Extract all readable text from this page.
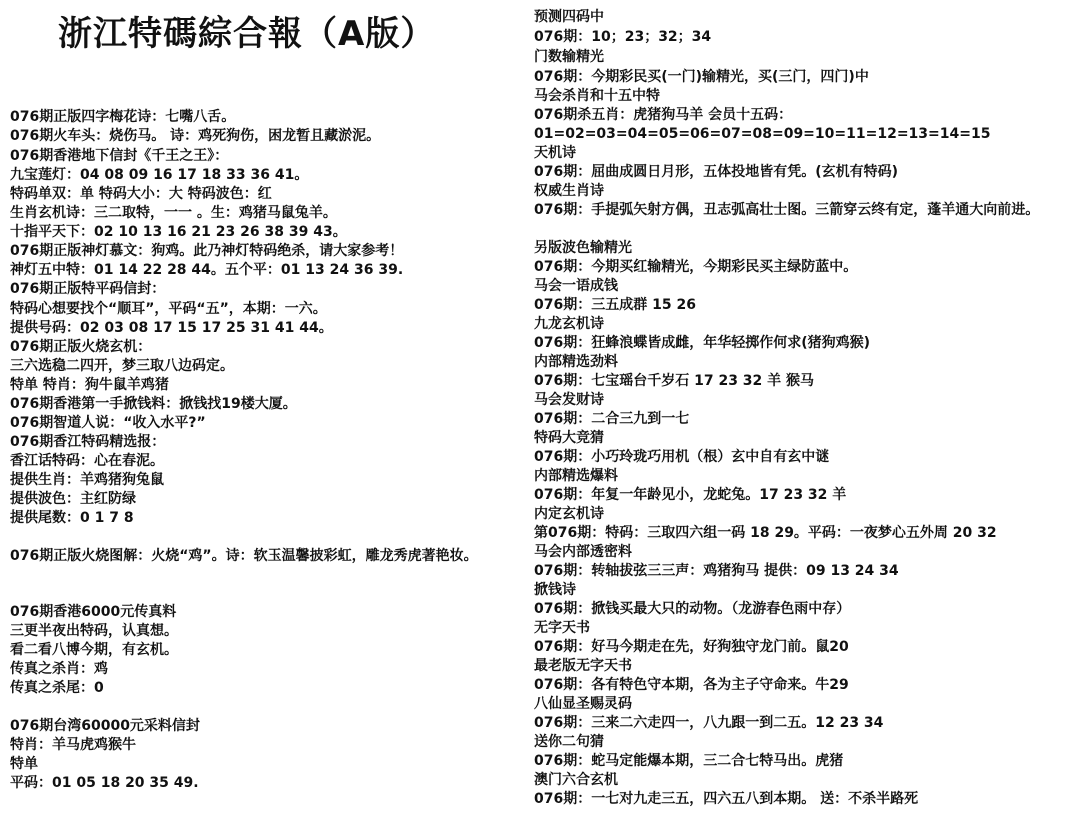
浙江特碼綜合報（A版）
076期正版四字梅花诗：七嘴八舌。
076期火车头：烧伤马。 诗：鸡死狗伤，困龙暂且藏淤泥。
076期香港地下信封《千王之王》：
九宝莲灯：04 08 09 16 17 18 33 36 41。
特码单双：单 特码大小：大 特码波色：红
生肖玄机诗：三二取特，一一 。生：鸡猪马鼠兔羊。
十指平天下：02 10 13 16 21 23 26 38 39 43。
076期正版神灯慕文：狗鸡。此乃神灯特码绝杀，请大家参考！
神灯五中特：01 14 22 28 44。五个平：01 13 24 36 39.
076期正版特平码信封：
特码心想要找个“顺耳”，平码“五”，本期：一六。
提供号码：02 03 08 17 15 17 25 31 41 44。
076期正版火烧玄机：
三六选稳二四开，梦三取八边码定。
特单 特肖：狗牛鼠羊鸡猪
076期香港第一手掀钱料：掀钱找19楼大厦。
076期智道人说：“收入水平?”
076期香江特码精选报：
香江话特码：心在春泥。
提供生肖：羊鸡猪狗兔鼠
提供波色：主红防绿
提供尾数：0 1 7 8
076期正版火烧图解：火烧“鸡”。诗：软玉温馨披彩虹，雕龙秀虎著艳妆。
076期香港6000元传真料
三更半夜出特码，认真想。
看二看八博今期，有玄机。
传真之杀肖：鸡
传真之杀尾：0
076期台湾60000元采料信封
特肖：羊马虎鸡猴牛
特单
平码：01 05 18 20 35 49.
预测四码中
076期：10；23；32；34
门数输精光
076期：今期彩民买(一门)输精光，买(三门，四门)中
马会杀肖和十五中特
076期杀五肖：虎猪狗马羊 会员十五码：
01=02=03=04=05=06=07=08=09=10=11=12=13=14=15
天机诗
076期：屈曲成圆日月形，五体投地皆有凭。(玄机有特码)
权威生肖诗
076期：手提弧矢射方偶，丑志弧高壮士图。三箭穿云终有定，蓬羊通大向前进。
另版波色输精光
076期：今期买红输精光，今期彩民买主绿防蓝中。
马会一语成钱
076期：三五成群 15 26
九龙玄机诗
076期：狂蜂浪蝶皆成雌，年华轻掷作何求(猪狗鸡猴)
内部精选劲料
076期：七宝瑶台千岁石 17 23 32 羊 猴马
马会发财诗
076期：二合三九到一七
特码大竞猜
076期：小巧玲珑巧用机（根）玄中自有玄中谜
内部精选爆料
076期：年复一年龄见小，龙蛇兔。17 23 32 羊
内定玄机诗
第076期：特码：三取四六组一码 18 29。平码：一夜梦心五外周 20 32
马会内部透密料
076期：转轴拔弦三三声：鸡猪狗马 提供：09 13 24 34
掀钱诗
076期：掀钱买最大只的动物。（龙游春色雨中存）
无字天书
076期：好马今期走在先，好狗独守龙门前。鼠20
最老版无字天书
076期：各有特色守本期，各为主子守命来。牛29
八仙显圣赐灵码
076期：三来二六走四一，八九跟一到二五。12 23 34
送你二句猜
076期：蛇马定能爆本期，三二合七特马出。虎猪
澳门六合玄机
076期：一七对九走三五，四六五八到本期。 送：不杀半路死
